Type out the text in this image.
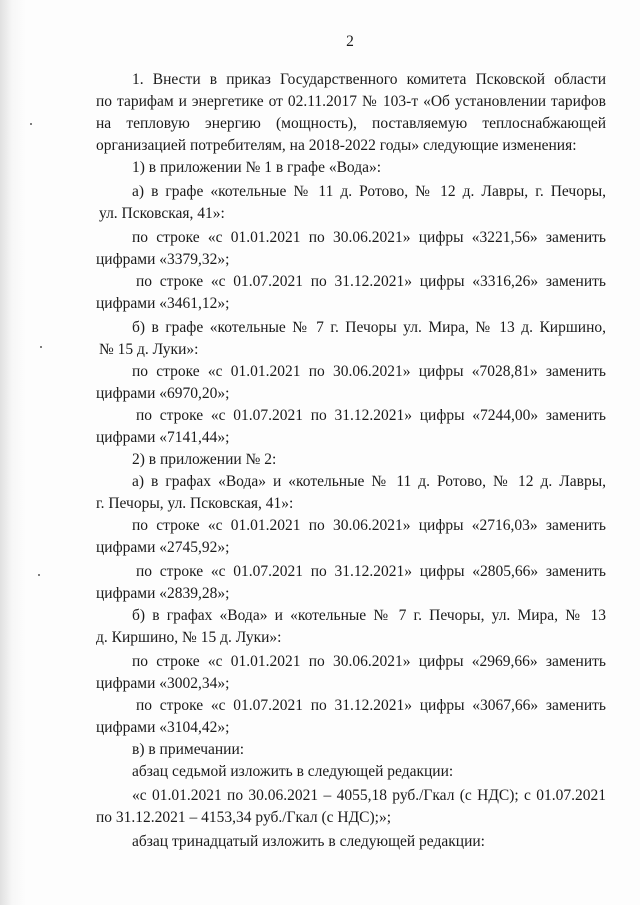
2
1. Внести в приказ Государственного комитета Псковской области
по тарифам и энергетике от 02.11.2017 № 103-т «Об установлении тарифов
на тепловую энергию (мощность), поставляемую теплоснабжающей
организацией потребителям, на 2018-2022 годы» следующие изменения:
1) в приложении № 1 в графе «Вода»:
а) в графе «котельные № 11 д. Ротово, № 12 д. Лавры, г. Печоры,
ул. Псковская, 41»:
по строке «с 01.01.2021 по 30.06.2021» цифры «3221,56» заменить
цифрами «3379,32»;
по строке «с 01.07.2021 по 31.12.2021» цифры «3316,26» заменить
цифрами «3461,12»;
б) в графе «котельные № 7 г. Печоры ул. Мира, № 13 д. Киршино,
№ 15 д. Луки»:
по строке «с 01.01.2021 по 30.06.2021» цифры «7028,81» заменить
цифрами «6970,20»;
по строке «с 01.07.2021 по 31.12.2021» цифры «7244,00» заменить
цифрами «7141,44»;
2) в приложении № 2:
а) в графах «Вода» и «котельные № 11 д. Ротово, № 12 д. Лавры,
г. Печоры, ул. Псковская, 41»:
по строке «с 01.01.2021 по 30.06.2021» цифры «2716,03» заменить
цифрами «2745,92»;
по строке «с 01.07.2021 по 31.12.2021» цифры «2805,66» заменить
цифрами «2839,28»;
б) в графах «Вода» и «котельные № 7 г. Печоры, ул. Мира, № 13
д. Киршино, № 15 д. Луки»:
по строке «с 01.01.2021 по 30.06.2021» цифры «2969,66» заменить
цифрами «3002,34»;
по строке «с 01.07.2021 по 31.12.2021» цифры «3067,66» заменить
цифрами «3104,42»;
в) в примечании:
абзац седьмой изложить в следующей редакции:
«с 01.01.2021 по 30.06.2021 – 4055,18 руб./Гкал (с НДС); с 01.07.2021
по 31.12.2021 – 4153,34 руб./Гкал (с НДС);»;
абзац тринадцатый изложить в следующей редакции:
